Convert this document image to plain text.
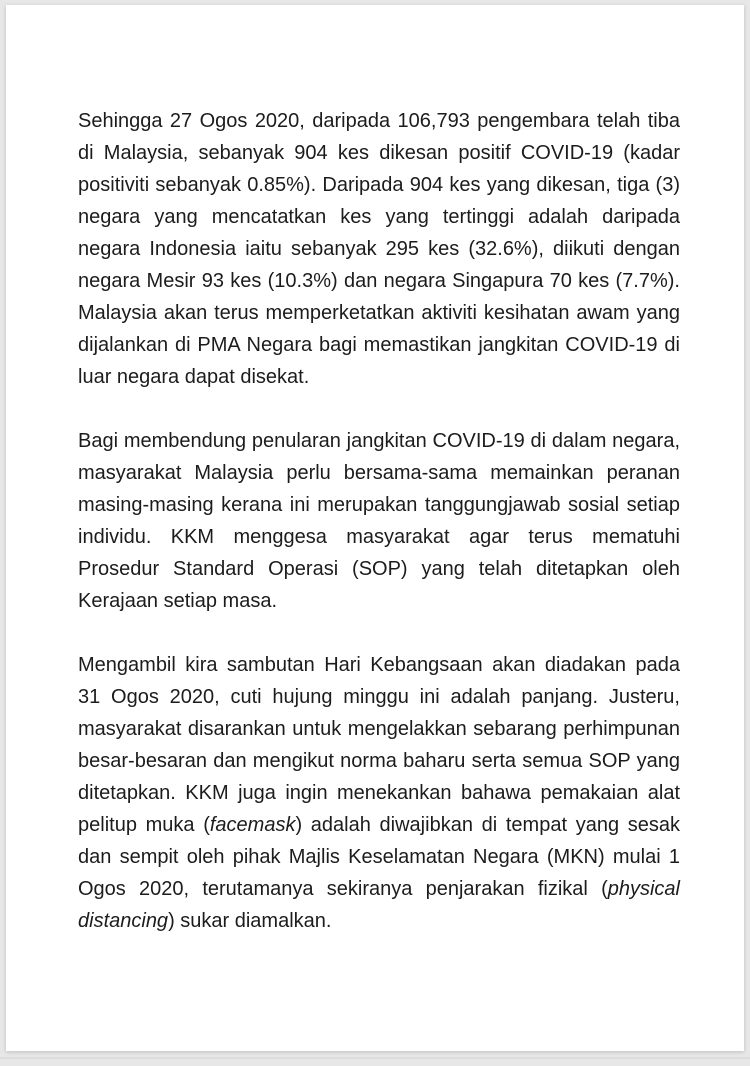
Sehingga 27 Ogos 2020, daripada 106,793 pengembara telah tiba di Malaysia, sebanyak 904 kes dikesan positif COVID-19 (kadar positiviti sebanyak 0.85%). Daripada 904 kes yang dikesan, tiga (3) negara yang mencatatkan kes yang tertinggi adalah daripada negara Indonesia iaitu sebanyak 295 kes (32.6%), diikuti dengan negara Mesir 93 kes (10.3%) dan negara Singapura 70 kes (7.7%). Malaysia akan terus memperketatkan aktiviti kesihatan awam yang dijalankan di PMA Negara bagi memastikan jangkitan COVID-19 di luar negara dapat disekat.

Bagi membendung penularan jangkitan COVID-19 di dalam negara, masyarakat Malaysia perlu bersama-sama memainkan peranan masing-masing kerana ini merupakan tanggungjawab sosial setiap individu. KKM menggesa masyarakat agar terus mematuhi Prosedur Standard Operasi (SOP) yang telah ditetapkan oleh Kerajaan setiap masa.

Mengambil kira sambutan Hari Kebangsaan akan diadakan pada 31 Ogos 2020, cuti hujung minggu ini adalah panjang. Justeru, masyarakat disarankan untuk mengelakkan sebarang perhimpunan besar-besaran dan mengikut norma baharu serta semua SOP yang ditetapkan. KKM juga ingin menekankan bahawa pemakaian alat pelitup muka (facemask) adalah diwajibkan di tempat yang sesak dan sempit oleh pihak Majlis Keselamatan Negara (MKN) mulai 1 Ogos 2020, terutamanya sekiranya penjarakan fizikal (physical distancing) sukar diamalkan.
